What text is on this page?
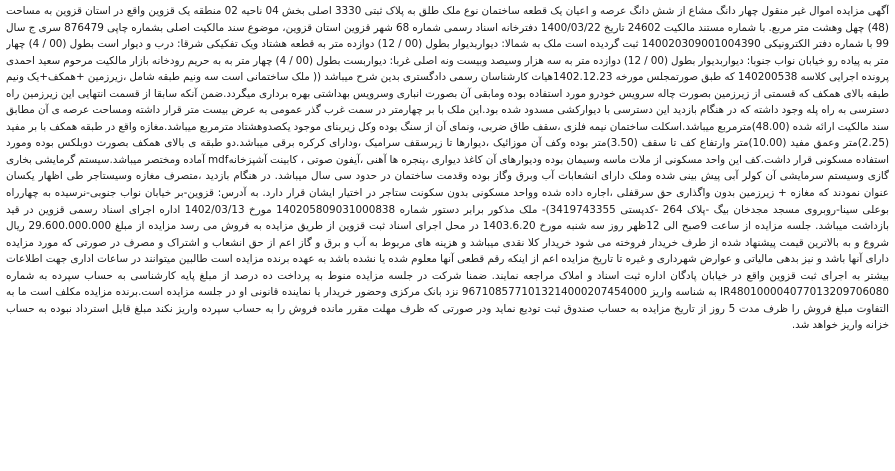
آگهی مزایده اموال غیر منقول چهار دانگ مشاع از شش دانگ عرصه و اعیان یک قطعه ساختمان نوع ملک طلق به پلاک ثبتی 3330 اصلی بخش 04 ناحیه 02 منطقه یک قزوین واقع در استان قزوین به مساحت (48) چهل وهشت متر مربع. با شماره مستند مالکیت 24602 تاریخ 1400/03/22 دفترخانه اسناد رسمی شماره 68 شهر قزوین استان قزوین، موضوع سند مالکیت اصلی بشماره چاپی 876479 سری ج سال 99 با شماره دفتر الکترونیکی 140020309001004390 ثبت گردیده است ملک به شمالا: دیواربدیوار بطول (00 / 12) دوازده متر به قطعه هشتاد ویک تفکیکی شرقا: درب و دیوار است بطول (00 / 4) چهار متر به پیاده رو خیابان نواب جنوبا: دیواربدیوار بطول (00 / 12) دوازده متر به سه هزار وسیصد وبیست ونه اصلی غربا: دیواربست بطول (00 / 4) چهار متر به به حریم رودخانه بازار مالکیت مرحوم سعید احمدی پرونده اجرایی کلاسه 140200538 که طبق صورتمجلس مورخه 1402.12.23هیات کارشناسان رسمی دادگستری بدین شرح میباشد (( ملک ساختمانی است سه ونیم طبقه شامل ،زیرزمین +همکف+یک ونیم طبقه بالای همکف که قسمتی از زیرزمین بصورت چاله سرویس خودرو مورد استفاده بوده ومابقی آن بصورت انباری وسرویس بهداشتی بهره برداری میگردد.ضمن آنکه سابقا از قسمت انتهایی این زیرزمین راه دسترسی به راه پله وجود داشته که در هنگام بازدید این دسترسی با دیوارکشی مسدود شده بود.این ملک با بر چهارمتر در سمت غرب گذر عمومی به عرض بیست متر قرار داشته ومساحت عرصه ی آن مطابق سند مالکیت ارائه شده (48.00)مترمربع میباشد.اسکلت ساختمان نیمه فلزی ،سقف طاق ضربی، ونمای آن از سنگ بوده وکل زیربنای موجود یکصدوهشتاد مترمربع میباشد.مغازه واقع در طبقه همکف با بر مفید (2.25)متر وعمق مفید (10.00)متر وارتفاع کف تا سقف (3.50)متر بوده وکف آن موزائیک ،دیوارها تا زیرسقف سرامیک ،ودارای کرکره برقی میباشد.دو طبقه ی بالای همکف بصورت دوبلکس بوده ومورد استفاده مسکونی قرار داشت.کف این واحد مسکونی از ملات ماسه وسیمان بوده ودیوارهای آن کاغذ دیواری ،پنجره ها آهنی ،آیفون صوتی ، کابینت آشپزخانهmdf آماده ومختصر میباشد.سیستم گرمایشی بخاری گازی وسیستم سرمایشی آن کولر آبی پیش بینی شده وملک دارای انشعابات آب وبرق وگاز بوده وقدمت ساختمان در حدود سی سال میباشد. در هنگام بازدید ،متصرف مغازه وسیستاجر طی اظهار یکسان عنوان نمودند که مغازه + زیرزمین بدون واگذاری حق سرقفلی ،اجاره داده شده وواحد مسکونی بدون سکونت ستاجر در اختیار ایشان قرار دارد. به آدرس: قزوین-بر خیابان نواب جنوبی-نرسیده به چهارراه بوعلی سینا-روبروی مسجد مجدخان بیگ -پلاک 264 -کدپستی 3419743355)- ملک مذکور برابر دستور شماره 140205809031000838 مورخ 1402/03/13 اداره اجرای اسناد رسمی قزوین در قید بازداشت میباشد. جلسه مزایده از ساعت 9صبح الی 12ظهر روز سه شنبه مورخ 1403.6.20 در محل اجرای اسناد ثبت قزوین از طریق مزایده به فروش می رسد مزایده از مبلغ 29.600.000.000 ریال شروع و به بالاترین قیمت پیشنهاد شده از طرف خریدار فروخته می شود خریدار کلا نقدی میباشد و هزینه های مربوط به آب و برق و گاز اعم از حق انشعاب و اشتراک و مصرف در صورتی که مورد مزایده دارای آنها باشد و نیز بدهی مالیاتی و عوارض شهرداری و غیره تا تاریخ مزایده اعم از اینکه رقم قطعی آنها معلوم شده یا نشده باشد به عهده برنده مزایده است طالبین میتوانند در ساعات اداری جهت اطلاعات بیشتر به اجرای ثبت قزوین واقع در خیابان پادگان اداره ثبت اسناد و املاک مراجعه نمایند. ضمنا شرکت در جلسه مزایده منوط به پرداخت ده درصد از مبلغ پایه کارشناسی به حساب سپرده به شماره IR480100004077013209706080 به شناسه واریز 9671085771013214000207454000 نزد بانک مرکزی وحضور خریدار یا نماینده قانونی او در جلسه مزایده است.برنده مزایده مکلف است ما به التفاوت مبلغ فروش را ظرف مدت 5 روز از تاریخ مزایده به حساب صندوق ثبت تودیع نماید ودر صورتی که ظرف مهلت مقرر مانده فروش را به حساب سپرده واریز نکند مبلغ قابل استرداد نبوده به حساب خزانه واریز خواهد شد.
